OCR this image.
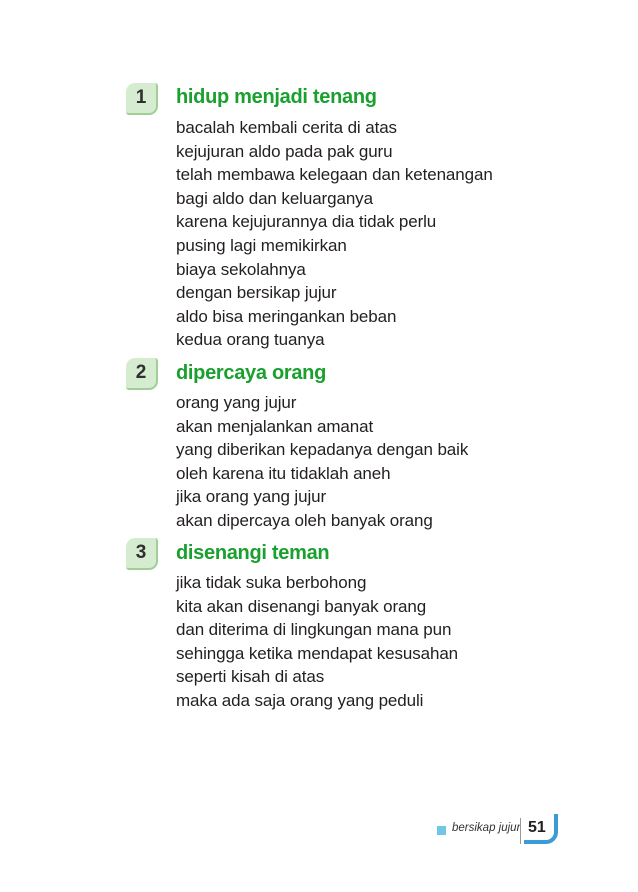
1	hidup menjadi tenang
bacalah kembali cerita di atas
kejujuran aldo pada pak guru
telah membawa kelegaan dan ketenangan
bagi aldo dan keluarganya
karena kejujurannya dia tidak perlu
pusing lagi memikirkan
biaya sekolahnya
dengan bersikap jujur
aldo bisa meringankan beban
kedua orang tuanya
2	dipercaya orang
orang yang jujur
akan menjalankan amanat
yang diberikan kepadanya dengan baik
oleh karena itu tidaklah aneh
jika orang yang jujur
akan dipercaya oleh banyak orang
3	disenangi teman
jika tidak suka berbohong
kita akan disenangi banyak orang
dan diterima di lingkungan mana pun
sehingga ketika mendapat kesusahan
seperti kisah di atas
maka ada saja orang yang peduli
bersikap jujur 51
